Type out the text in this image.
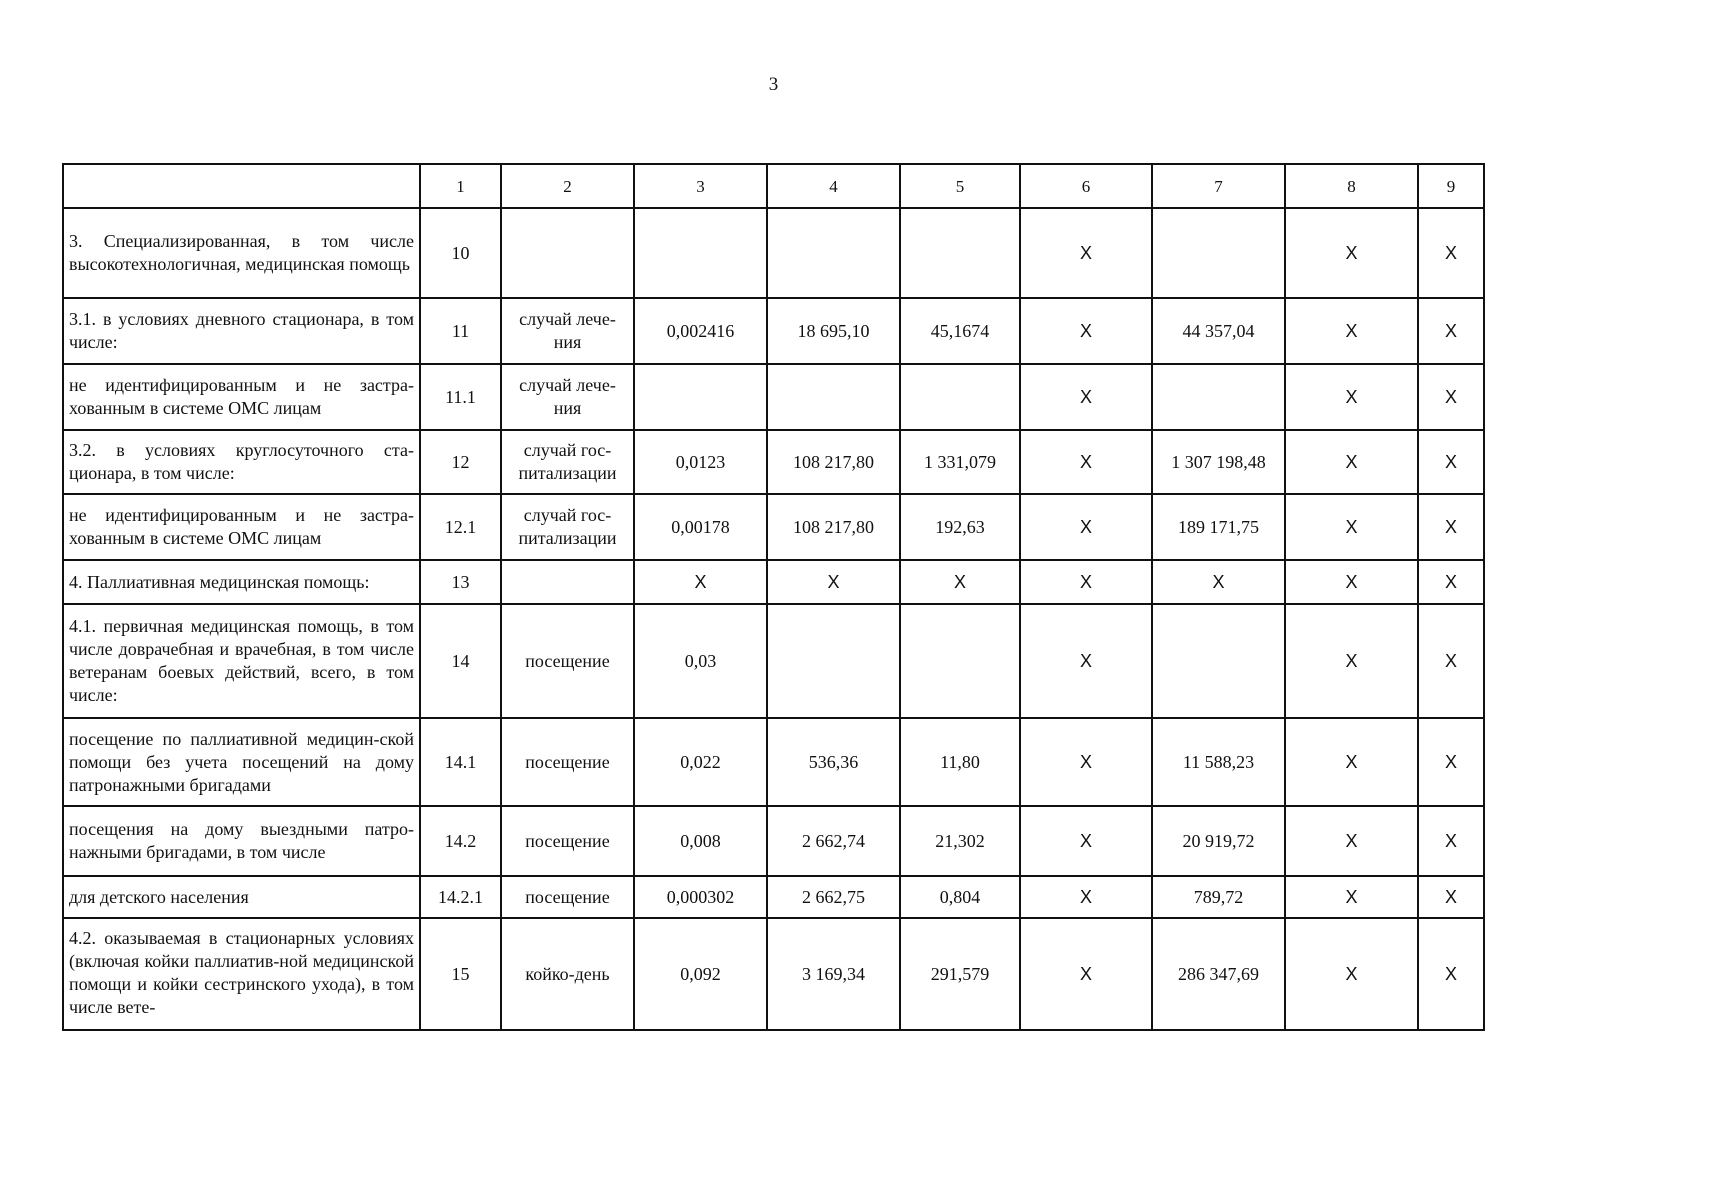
3
	1	2	3	4	5	6	7	8	9
3. Специализированная, в том числе высокотехнологичная, медицинская помощь	10					X		X	X
3.1. в условиях дневного стационара, в том числе:	11	случай лече-ния	0,002416	18 695,10	45,1674	X	44 357,04	X	X
не идентифицированным и не застра-хованным в системе ОМС лицам	11.1	случай лече-ния				X		X	X
3.2. в условиях круглосуточного ста-ционара, в том числе:	12	случай гос-питализации	0,0123	108 217,80	1 331,079	X	1 307 198,48	X	X
не идентифицированным и не застра-хованным в системе ОМС лицам	12.1	случай гос-питализации	0,00178	108 217,80	192,63	X	189 171,75	X	X
4. Паллиативная медицинская помощь:	13		X	X	X	X	X	X	X
4.1. первичная медицинская помощь, в том числе доврачебная и врачебная, в том числе ветеранам боевых действий, всего, в том числе:	14	посещение	0,03			X		X	X
посещение по паллиативной медицин-ской помощи без учета посещений на дому патронажными бригадами	14.1	посещение	0,022	536,36	11,80	X	11 588,23	X	X
посещения на дому выездными патро-нажными бригадами, в том числе	14.2	посещение	0,008	2 662,74	21,302	X	20 919,72	X	X
для детского населения	14.2.1	посещение	0,000302	2 662,75	0,804	X	789,72	X	X
4.2. оказываемая в стационарных условиях (включая койки паллиатив-ной медицинской помощи и койки сестринского ухода), в том числе вете-	15	койко-день	0,092	3 169,34	291,579	X	286 347,69	X	X
